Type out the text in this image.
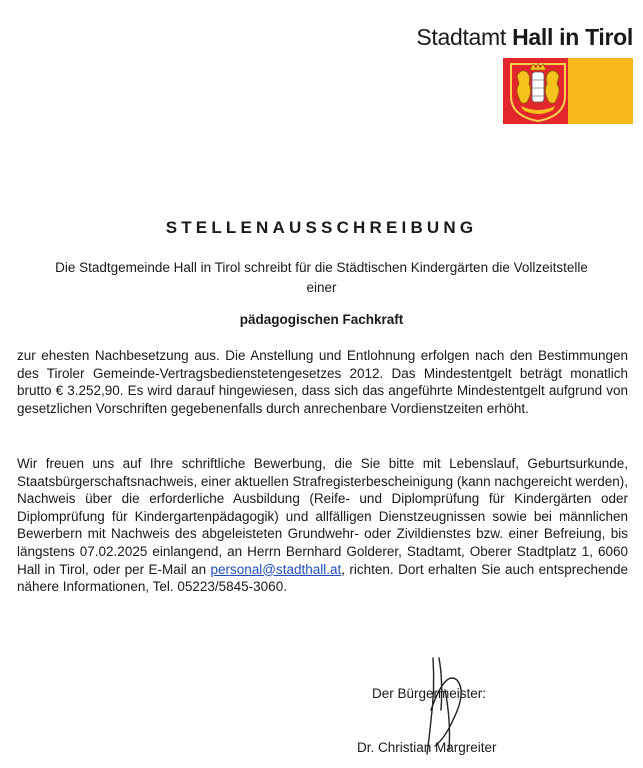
Stadtamt Hall in Tirol
STELLENAUSSCHREIBUNG
Die Stadtgemeinde Hall in Tirol schreibt für die Städtischen Kindergärten die Vollzeitstelle einer
pädagogischen Fachkraft
zur ehesten Nachbesetzung aus. Die Anstellung und Entlohnung erfolgen nach den Bestimmungen des Tiroler Gemeinde-Vertragsbedienstetengesetzes 2012. Das Mindestentgelt beträgt monatlich brutto € 3.252,90. Es wird darauf hingewiesen, dass sich das angeführte Mindestentgelt aufgrund von gesetzlichen Vorschriften gegebenenfalls durch anrechenbare Vordienstzeiten erhöht.
Wir freuen uns auf Ihre schriftliche Bewerbung, die Sie bitte mit Lebenslauf, Geburtsurkunde, Staatsbürgerschaftsnachweis, einer aktuellen Strafregisterbescheinigung (kann nachgereicht werden), Nachweis über die erforderliche Ausbildung (Reife- und Diplomprüfung für Kindergärten oder Diplomprüfung für Kindergartenpädagogik) und allfälligen Dienstzeugnissen sowie bei männlichen Bewerbern mit Nachweis des abgeleisteten Grundwehr- oder Zivildienstes bzw. einer Befreiung, bis längstens 07.02.2025 einlangend, an Herrn Bernhard Golderer, Stadtamt, Oberer Stadtplatz 1, 6060 Hall in Tirol, oder per E-Mail an personal@stadthall.at, richten. Dort erhalten Sie auch entsprechende nähere Informationen, Tel. 05223/5845-3060.
Der Bürgermeister:
Dr. Christian Margreiter
